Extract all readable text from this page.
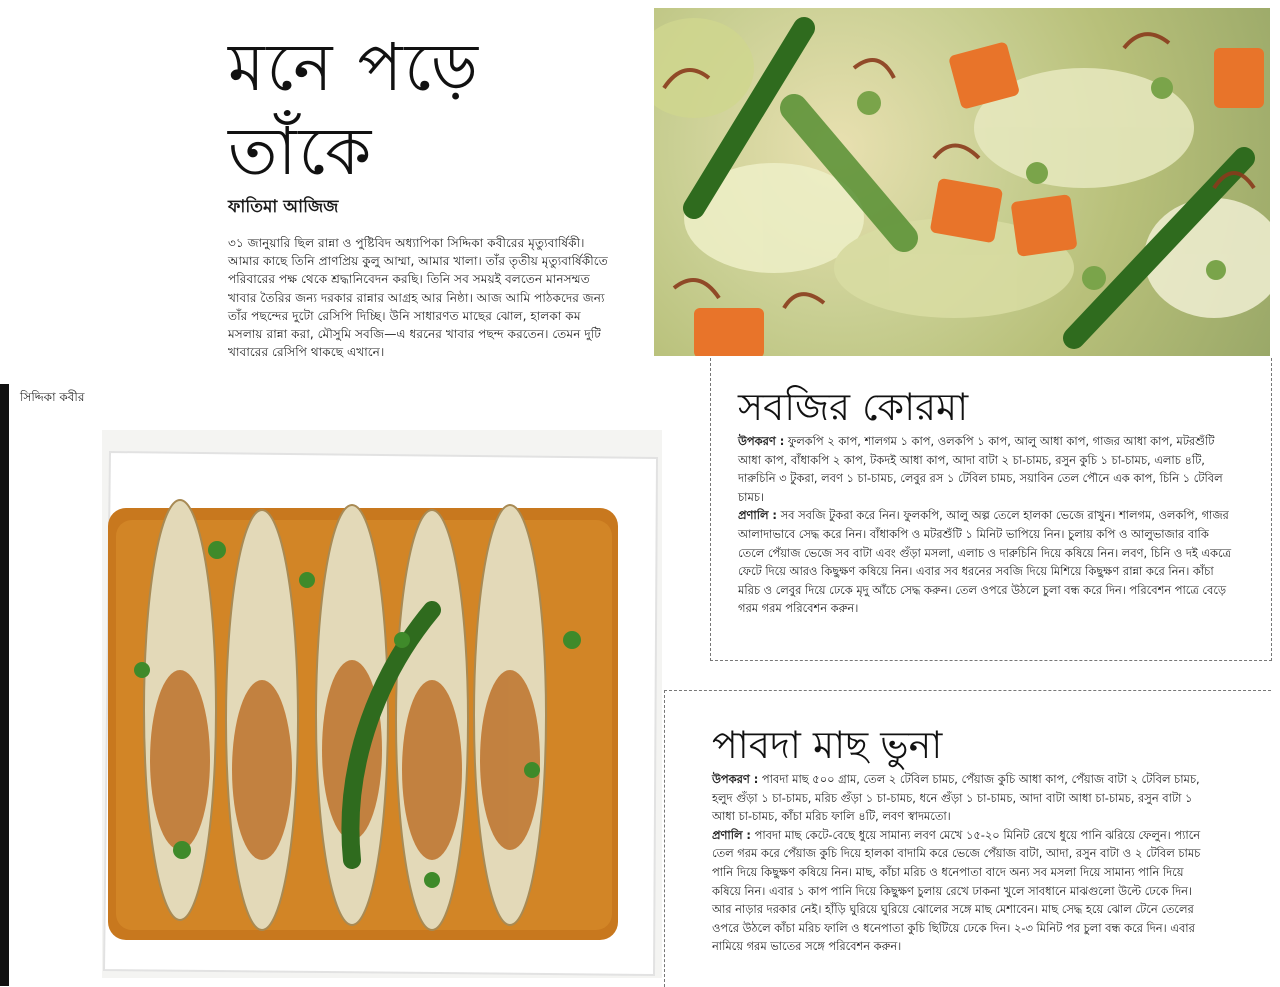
মনে পড়ে
তাঁকে
ফাতিমা আজিজ
৩১ জানুয়ারি ছিল রান্না ও পুষ্টিবিদ অধ্যাপিকা সিদ্দিকা কবীরের মৃত্যুবার্ষিকী। আমার কাছে তিনি প্রাণপ্রিয় কুলু আম্মা, আমার খালা। তাঁর তৃতীয় মৃত্যুবার্ষিকীতে পরিবারের পক্ষ থেকে শ্রদ্ধানিবেদন করছি। তিনি সব সময়ই বলতেন মানসম্মত খাবার তৈরির জন্য দরকার রান্নার আগ্রহ আর নিষ্ঠা। আজ আমি পাঠকদের জন্য তাঁর পছন্দের দুটো রেসিপি দিচ্ছি। উনি সাধারণত মাছের ঝোল, হালকা কম মসলায় রান্না করা, মৌসুমি সবজি—এ ধরনের খাবার পছন্দ করতেন। তেমন দুটি খাবারের রেসিপি থাকছে এখানে।
সিদ্দিকা কবীর	সবজির কোরমা
উপকরণ : ফুলকপি ২ কাপ, শালগম ১ কাপ, ওলকপি ১ কাপ, আলু আধা কাপ, গাজর আধা কাপ, মটরশুঁটি আধা কাপ, বাঁধাকপি ২ কাপ, টকদই আধা কাপ, আদা বাটা ২ চা-চামচ, রসুন কুচি ১ চা-চামচ, এলাচ ৪টি, দারুচিনি ৩ টুকরা, লবণ ১ চা-চামচ, লেবুর রস ১ টেবিল চামচ, সয়াবিন তেল পৌনে এক কাপ, চিনি ১ টেবিল চামচ।
প্রণালি : সব সবজি টুকরা করে নিন। ফুলকপি, আলু অল্প তেলে হালকা ভেজে রাখুন। শালগম, ওলকপি, গাজর আলাদাভাবে সেদ্ধ করে নিন। বাঁধাকপি ও মটরশুঁটি ১ মিনিট ভাপিয়ে নিন। চুলায় কপি ও আলুভাজার বাকি তেলে পেঁয়াজ ভেজে সব বাটা এবং গুঁড়া মসলা, এলাচ ও দারুচিনি দিয়ে কষিয়ে নিন। লবণ, চিনি ও দই একত্রে ফেটে দিয়ে আরও কিছুক্ষণ কষিয়ে নিন। এবার সব ধরনের সবজি দিয়ে মিশিয়ে কিছুক্ষণ রান্না করে নিন। কাঁচা মরিচ ও লেবুর দিয়ে ঢেকে মৃদু আঁচে সেদ্ধ করুন। তেল ওপরে উঠলে চুলা বন্ধ করে দিন। পরিবেশন পাত্রে বেড়ে গরম গরম পরিবেশন করুন।
পাবদা মাছ ভুনা
উপকরণ : পাবদা মাছ ৫০০ গ্রাম, তেল ২ টেবিল চামচ, পেঁয়াজ কুচি আধা কাপ, পেঁয়াজ বাটা ২ টেবিল চামচ, হলুদ গুঁড়া ১ চা-চামচ, মরিচ গুঁড়া ১ চা-চামচ, ধনে গুঁড়া ১ চা-চামচ, আদা বাটা আধা চা-চামচ, রসুন বাটা ১ আধা চা-চামচ, কাঁচা মরিচ ফালি ৪টি, লবণ স্বাদমতো।
প্রণালি : পাবদা মাছ কেটে-বেছে ধুয়ে সামান্য লবণ মেখে ১৫-২০ মিনিট রেখে ধুয়ে পানি ঝরিয়ে ফেলুন। প্যানে তেল গরম করে পেঁয়াজ কুচি দিয়ে হালকা বাদামি করে ভেজে পেঁয়াজ বাটা, আদা, রসুন বাটা ও ২ টেবিল চামচ পানি দিয়ে কিছুক্ষণ কষিয়ে নিন। মাছ, কাঁচা মরিচ ও ধনেপাতা বাদে অন্য সব মসলা দিয়ে সামান্য পানি দিয়ে কষিয়ে নিন। এবার ১ কাপ পানি দিয়ে কিছুক্ষণ চুলায় রেখে ঢাকনা খুলে সাবধানে মাঝগুলো উল্টে ঢেকে দিন। আর নাড়ার দরকার নেই। হাঁড়ি ঘুরিয়ে ঘুরিয়ে ঝোলের সঙ্গে মাছ মেশাবেন। মাছ সেদ্ধ হয়ে ঝোল টেনে তেলের ওপরে উঠলে কাঁচা মরিচ ফালি ও ধনেপাতা কুচি ছিটিয়ে ঢেকে দিন। ২-৩ মিনিট পর চুলা বন্ধ করে দিন। এবার নামিয়ে গরম ভাতের সঙ্গে পরিবেশন করুন।
